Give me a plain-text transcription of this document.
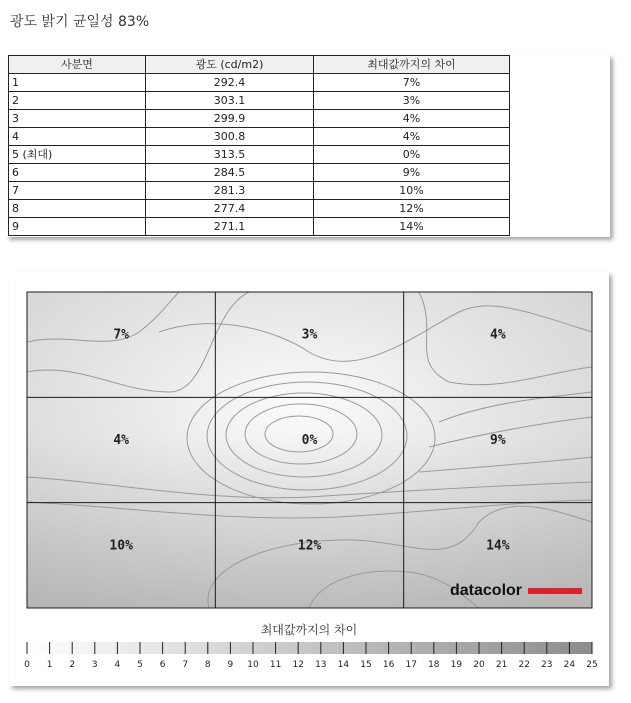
광도 밝기 균일성 83%
사분면	광도 (cd/m2)	최대값까지의 차이
1	292.4	7%
2	303.1	3%
3	299.9	4%
4	300.8	4%
5 (최대)	313.5	0%
6	284.5	9%
7	281.3	10%
8	277.4	12%
9	271.1	14%
7%	3%	4%
4%	0%	9%
10%	12%	14%
datacolor
최대값까지의 차이
0 1 2 3 4 5 6 7 8 9 10 11 12 13 14 15 16 17 18 19 20 21 22 23 24 25
